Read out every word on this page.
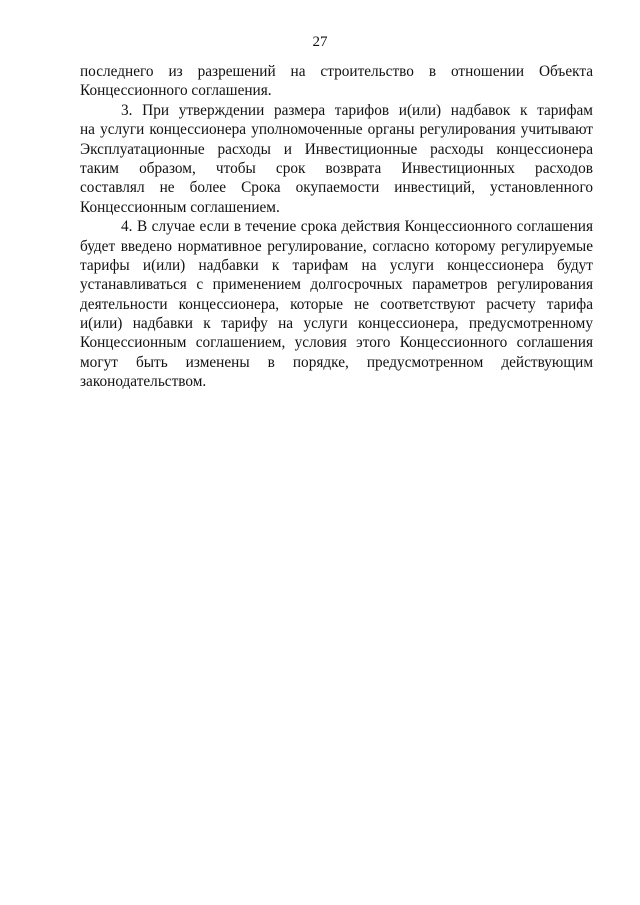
27
последнего из разрешений на строительство в отношении Объекта
Концессионного соглашения.
3. При утверждении размера тарифов и(или) надбавок к тарифам
на услуги концессионера уполномоченные органы регулирования учитывают
Эксплуатационные расходы и Инвестиционные расходы концессионера
таким образом, чтобы срок возврата Инвестиционных расходов
составлял не более Срока окупаемости инвестиций, установленного
Концессионным соглашением.
4. В случае если в течение срока действия Концессионного соглашения
будет введено нормативное регулирование, согласно которому регулируемые
тарифы и(или) надбавки к тарифам на услуги концессионера будут
устанавливаться с применением долгосрочных параметров регулирования
деятельности концессионера, которые не соответствуют расчету тарифа
и(или) надбавки к тарифу на услуги концессионера, предусмотренному
Концессионным соглашением, условия этого Концессионного соглашения
могут быть изменены в порядке, предусмотренном действующим
законодательством.
